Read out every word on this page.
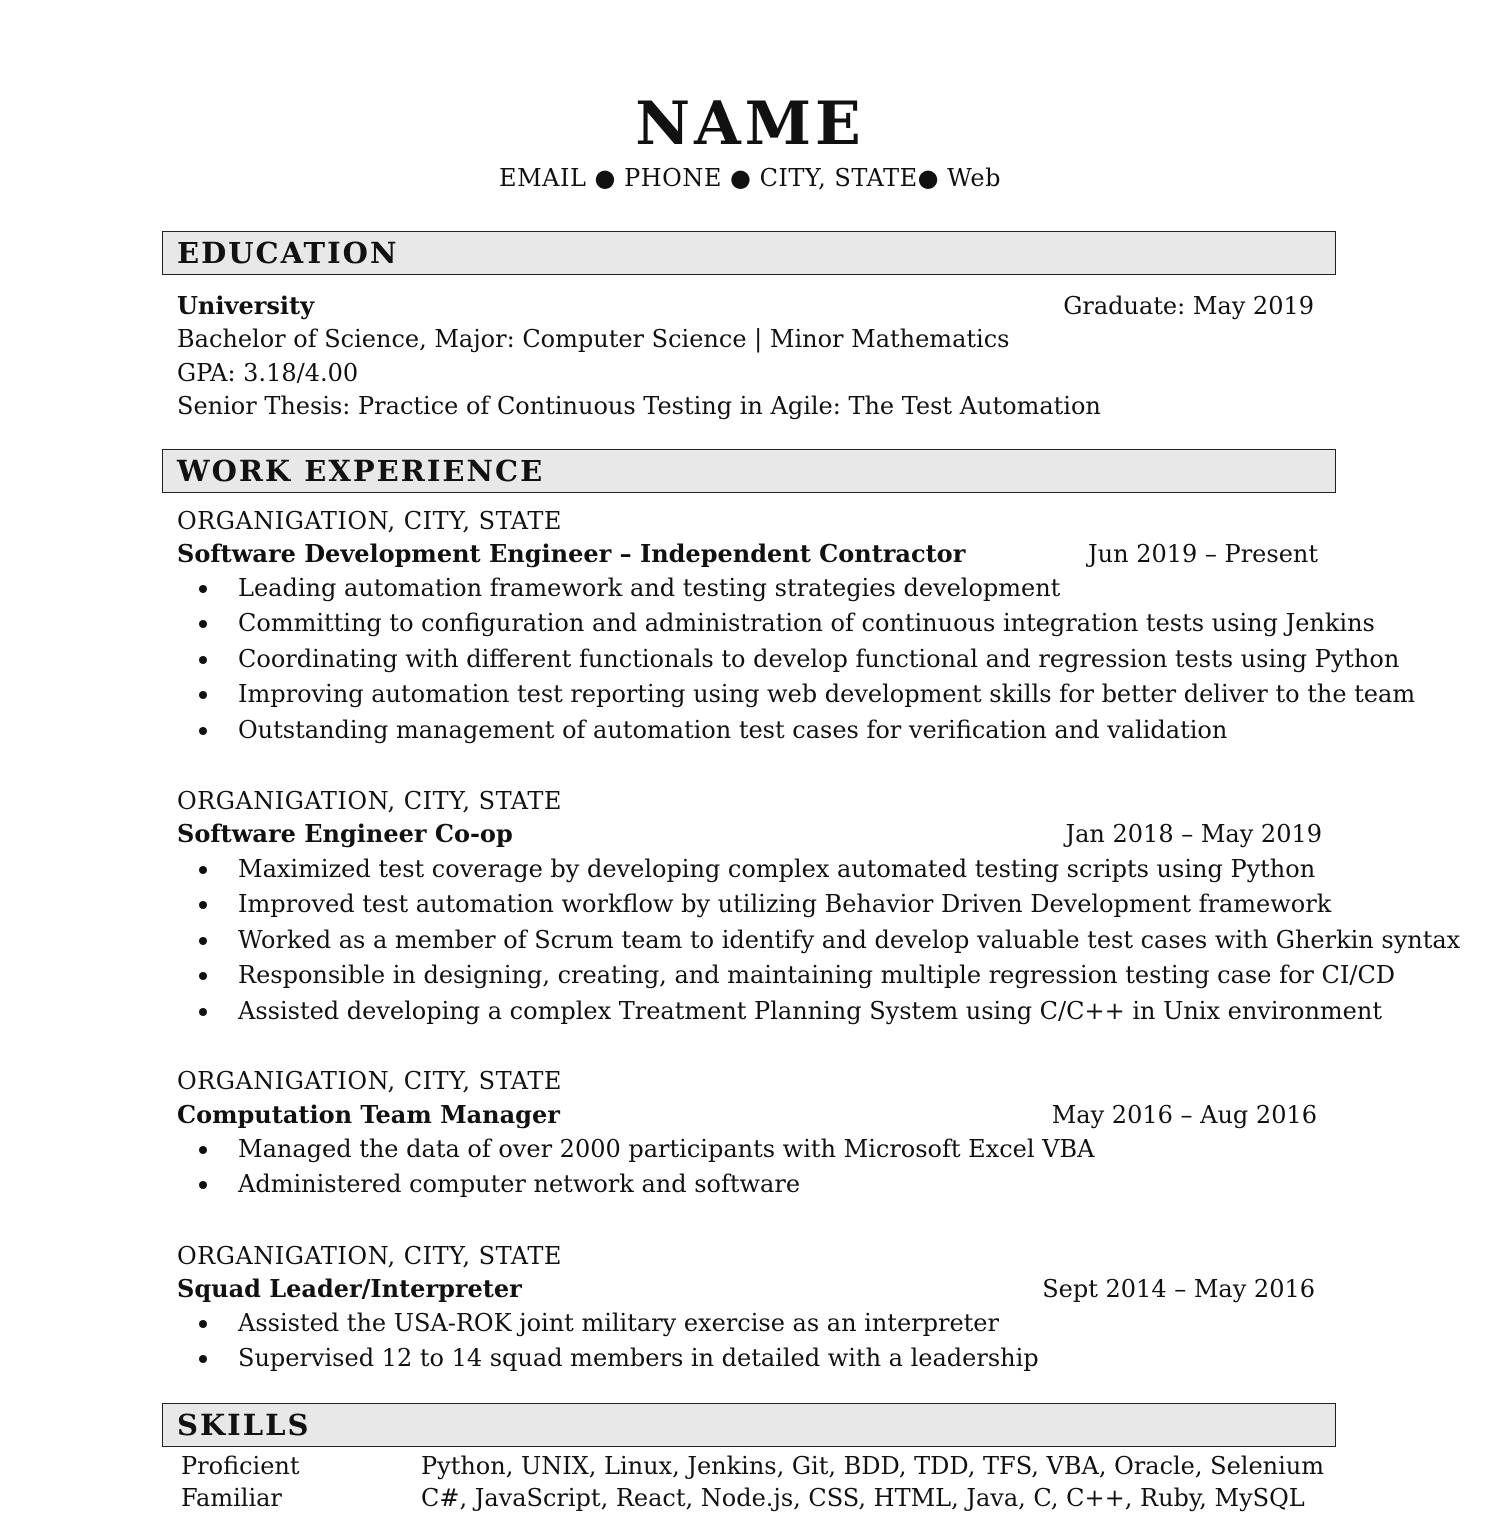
NAME
EMAIL ● PHONE ● CITY, STATE● Web
EDUCATION
University	Graduate: May 2019
Bachelor of Science, Major: Computer Science | Minor Mathematics
GPA: 3.18/4.00
Senior Thesis: Practice of Continuous Testing in Agile: The Test Automation
WORK EXPERIENCE
ORGANIGATION, CITY, STATE
Software Development Engineer – Independent Contractor	Jun 2019 – Present
Leading automation framework and testing strategies development
Committing to configuration and administration of continuous integration tests using Jenkins
Coordinating with different functionals to develop functional and regression tests using Python
Improving automation test reporting using web development skills for better deliver to the team
Outstanding management of automation test cases for verification and validation
ORGANIGATION, CITY, STATE
Software Engineer Co-op	Jan 2018 – May 2019
Maximized test coverage by developing complex automated testing scripts using Python
Improved test automation workflow by utilizing Behavior Driven Development framework
Worked as a member of Scrum team to identify and develop valuable test cases with Gherkin syntax
Responsible in designing, creating, and maintaining multiple regression testing case for CI/CD
Assisted developing a complex Treatment Planning System using C/C++ in Unix environment
ORGANIGATION, CITY, STATE
Computation Team Manager	May 2016 – Aug 2016
Managed the data of over 2000 participants with Microsoft Excel VBA
Administered computer network and software
ORGANIGATION, CITY, STATE
Squad Leader/Interpreter	Sept 2014 – May 2016
Assisted the USA-ROK joint military exercise as an interpreter
Supervised 12 to 14 squad members in detailed with a leadership
SKILLS
Proficient	Python, UNIX, Linux, Jenkins, Git, BDD, TDD, TFS, VBA, Oracle, Selenium
Familiar	C#, JavaScript, React, Node.js, CSS, HTML, Java, C, C++, Ruby, MySQL
